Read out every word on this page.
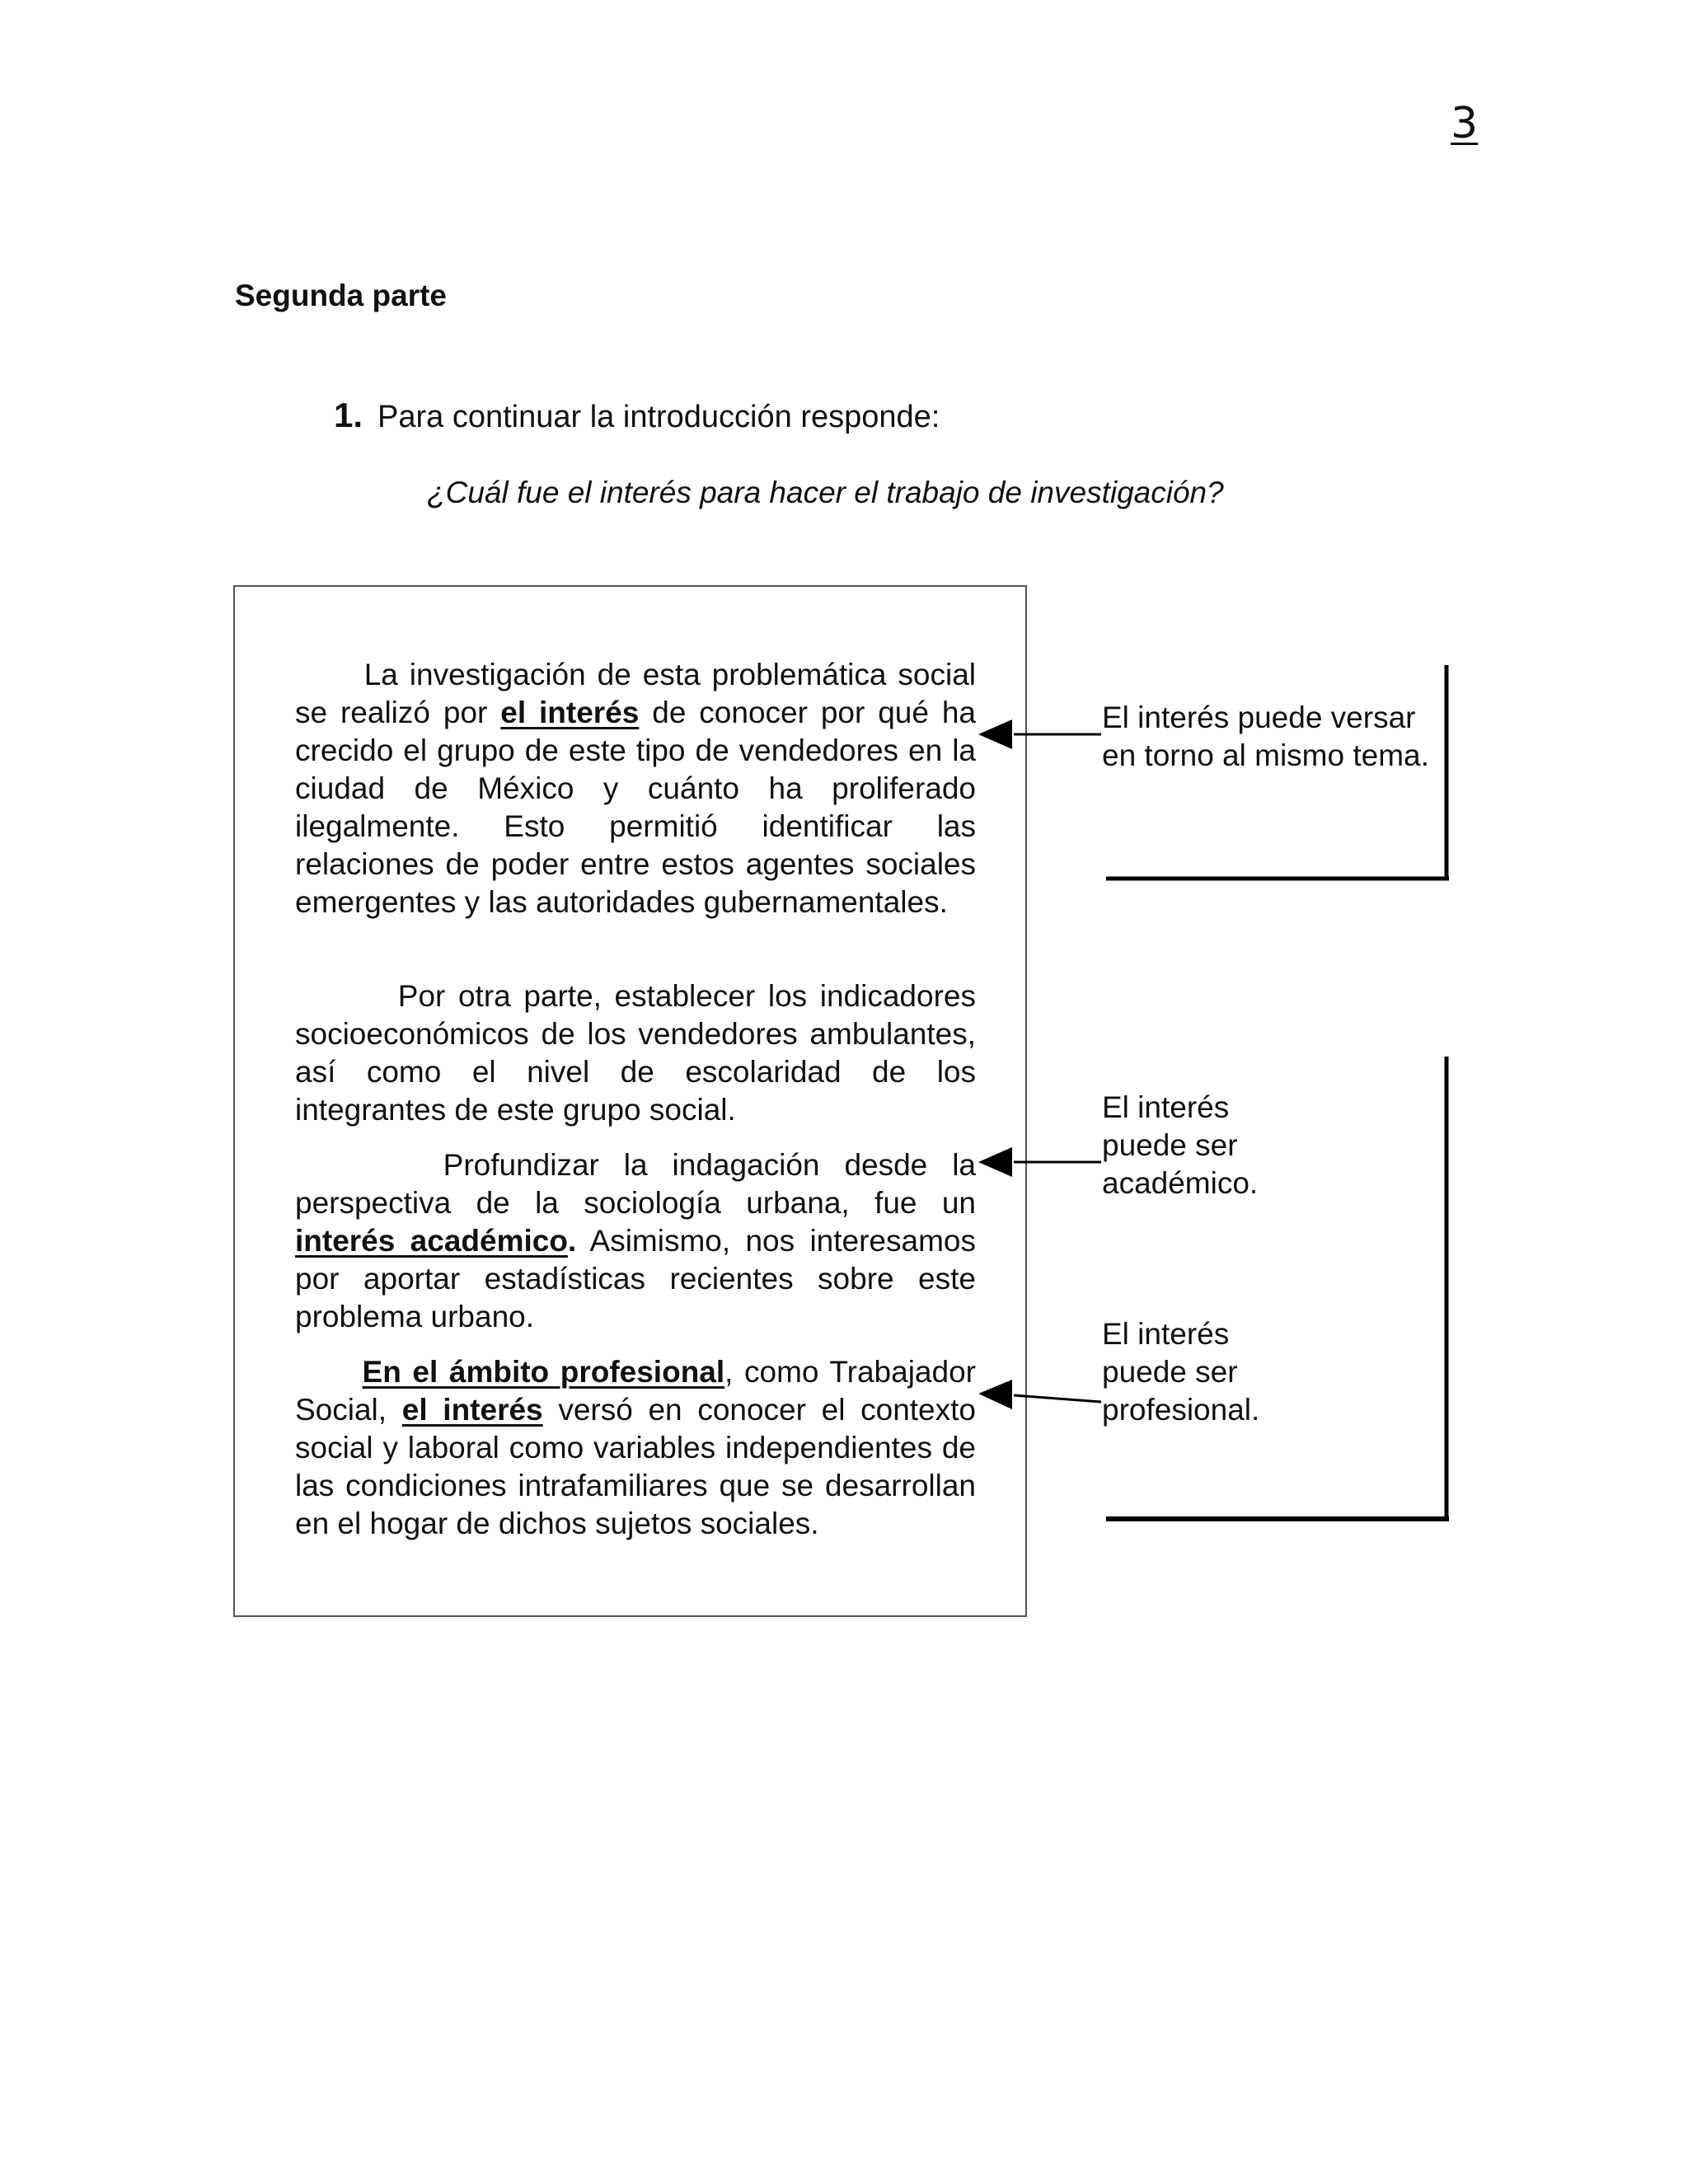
3
Segunda parte
1. Para continuar la introducción responde:
¿Cuál fue el interés para hacer el trabajo de investigación?

La investigación de esta problemática social se realizó por el interés de conocer por qué ha crecido el grupo de este tipo de vendedores en la ciudad de México y cuánto ha proliferado ilegalmente. Esto permitió identificar las relaciones de poder entre estos agentes sociales emergentes y las autoridades gubernamentales.

Por otra parte, establecer los indicadores socioeconómicos de los vendedores ambulantes, así como el nivel de escolaridad de los integrantes de este grupo social.

Profundizar la indagación desde la perspectiva de la sociología urbana, fue un interés académico. Asimismo, nos interesamos por aportar estadísticas recientes sobre este problema urbano.

En el ámbito profesional, como Trabajador Social, el interés versó en conocer el contexto social y laboral como variables independientes de las condiciones intrafamiliares que se desarrollan en el hogar de dichos sujetos sociales.

El interés puede versar en torno al mismo tema.

El interés puede ser académico.

El interés puede ser profesional.
